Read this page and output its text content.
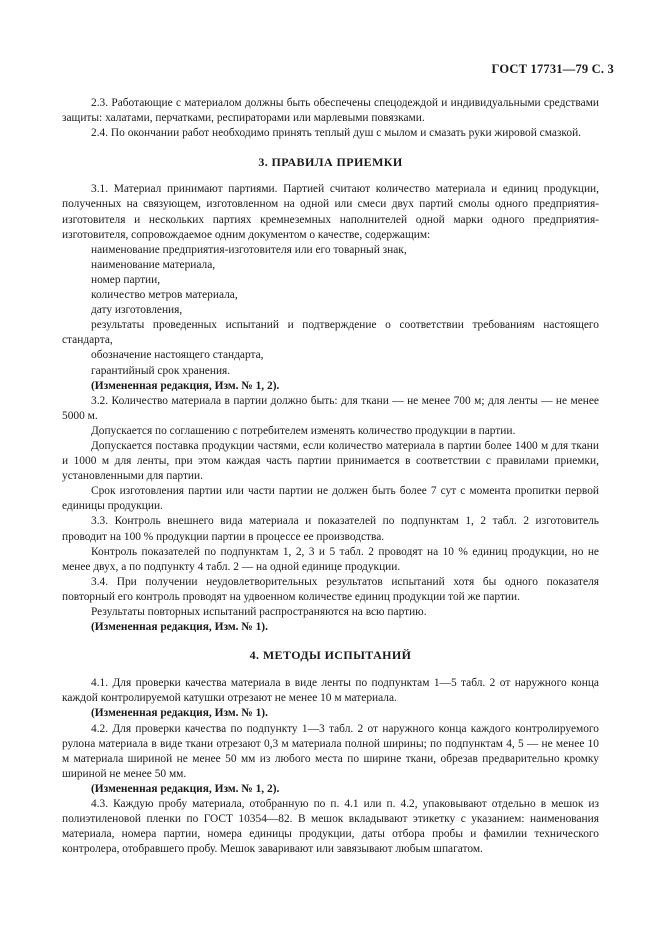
ГОСТ 17731—79 С. 3

2.3. Работающие с материалом должны быть обеспечены спецодеждой и индивидуальными средствами защиты: халатами, перчатками, респираторами или марлевыми повязками.

2.4. По окончании работ необходимо принять теплый душ с мылом и смазать руки жировой смазкой.

3. ПРАВИЛА ПРИЕМКИ

3.1. Материал принимают партиями. Партией считают количество материала и единиц продукции, полученных на связующем, изготовленном на одной или смеси двух партий смолы одного предприятия-изготовителя и нескольких партиях кремнеземных наполнителей одной марки одного предприятия-изготовителя, сопровождаемое одним документом о качестве, содержащим:

наименование предприятия-изготовителя или его товарный знак,

наименование материала,

номер партии,

количество метров материала,

дату изготовления,

результаты проведенных испытаний и подтверждение о соответствии требованиям настоящего стандарта,

обозначение настоящего стандарта,

гарантийный срок хранения.

(Измененная редакция, Изм. № 1, 2).

3.2. Количество материала в партии должно быть: для ткани — не менее 700 м; для ленты — не менее 5000 м.

Допускается по соглашению с потребителем изменять количество продукции в партии.

Допускается поставка продукции частями, если количество материала в партии более 1400 м для ткани и 1000 м для ленты, при этом каждая часть партии принимается в соответствии с правилами приемки, установленными для партии.

Срок изготовления партии или части партии не должен быть более 7 сут с момента пропитки первой единицы продукции.

3.3. Контроль внешнего вида материала и показателей по подпунктам 1, 2 табл. 2 изготовитель проводит на 100 % продукции партии в процессе ее производства.

Контроль показателей по подпунктам 1, 2, 3 и 5 табл. 2 проводят на 10 % единиц продукции, но не менее двух, а по подпункту 4 табл. 2 — на одной единице продукции.

3.4. При получении неудовлетворительных результатов испытаний хотя бы одного показателя повторный его контроль проводят на удвоенном количестве единиц продукции той же партии.

Результаты повторных испытаний распространяются на всю партию.

(Измененная редакция, Изм. № 1).

4. МЕТОДЫ ИСПЫТАНИЙ

4.1. Для проверки качества материала в виде ленты по подпунктам 1—5 табл. 2 от наружного конца каждой контролируемой катушки отрезают не менее 10 м материала.

(Измененная редакция, Изм. № 1).

4.2. Для проверки качества по подпункту 1—3 табл. 2 от наружного конца каждого контролируемого рулона материала в виде ткани отрезают 0,3 м материала полной ширины; по подпунктам 4, 5 — не менее 10 м материала шириной не менее 50 мм из любого места по ширине ткани, обрезав предварительно кромку шириной не менее 50 мм.

(Измененная редакция, Изм. № 1, 2).

4.3. Каждую пробу материала, отобранную по п. 4.1 или п. 4.2, упаковывают отдельно в мешок из полиэтиленовой пленки по ГОСТ 10354—82. В мешок вкладывают этикетку с указанием: наименования материала, номера партии, номера единицы продукции, даты отбора пробы и фамилии технического контролера, отобравшего пробу. Мешок заваривают или завязывают любым шпагатом.
